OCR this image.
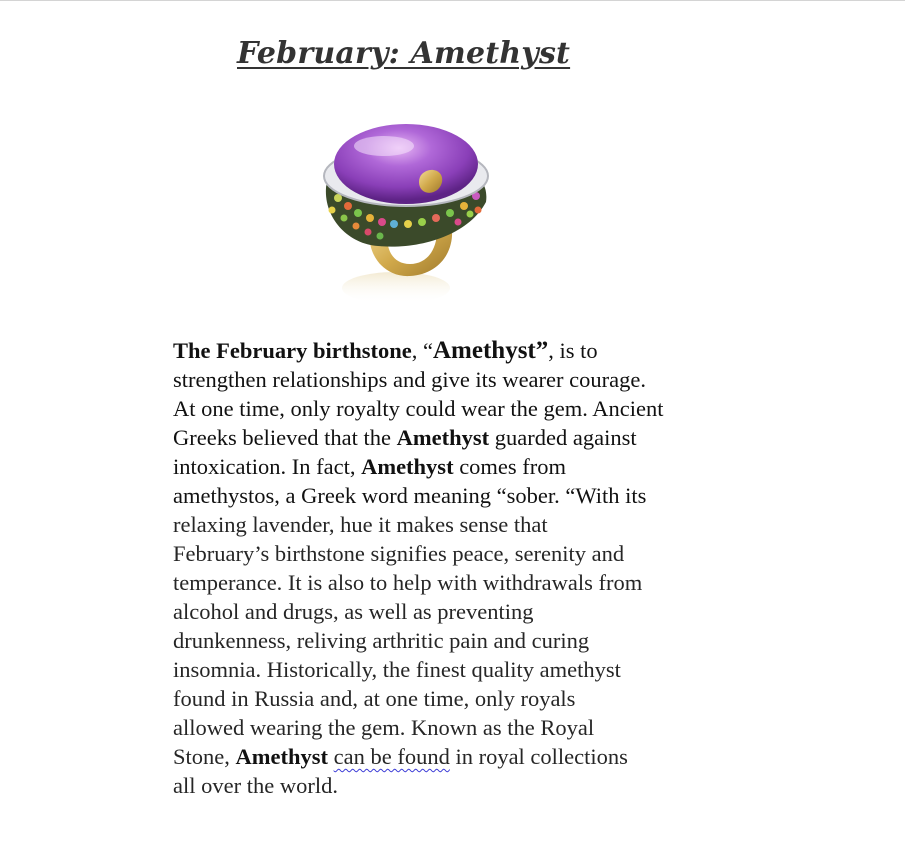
February: Amethyst
The February birthstone, “Amethyst”, is to
strengthen relationships and give its wearer courage.
At one time, only royalty could wear the gem. Ancient
Greeks believed that the Amethyst guarded against
intoxication. In fact, Amethyst comes from
amethystos, a Greek word meaning “sober. “With its
relaxing lavender, hue it makes sense that
February’s birthstone signifies peace, serenity and
temperance. It is also to help with withdrawals from
alcohol and drugs, as well as preventing
drunkenness, reliving arthritic pain and curing
insomnia. Historically, the finest quality amethyst
found in Russia and, at one time, only royals
allowed wearing the gem. Known as the Royal
Stone, Amethyst can be found in royal collections
all over the world.
